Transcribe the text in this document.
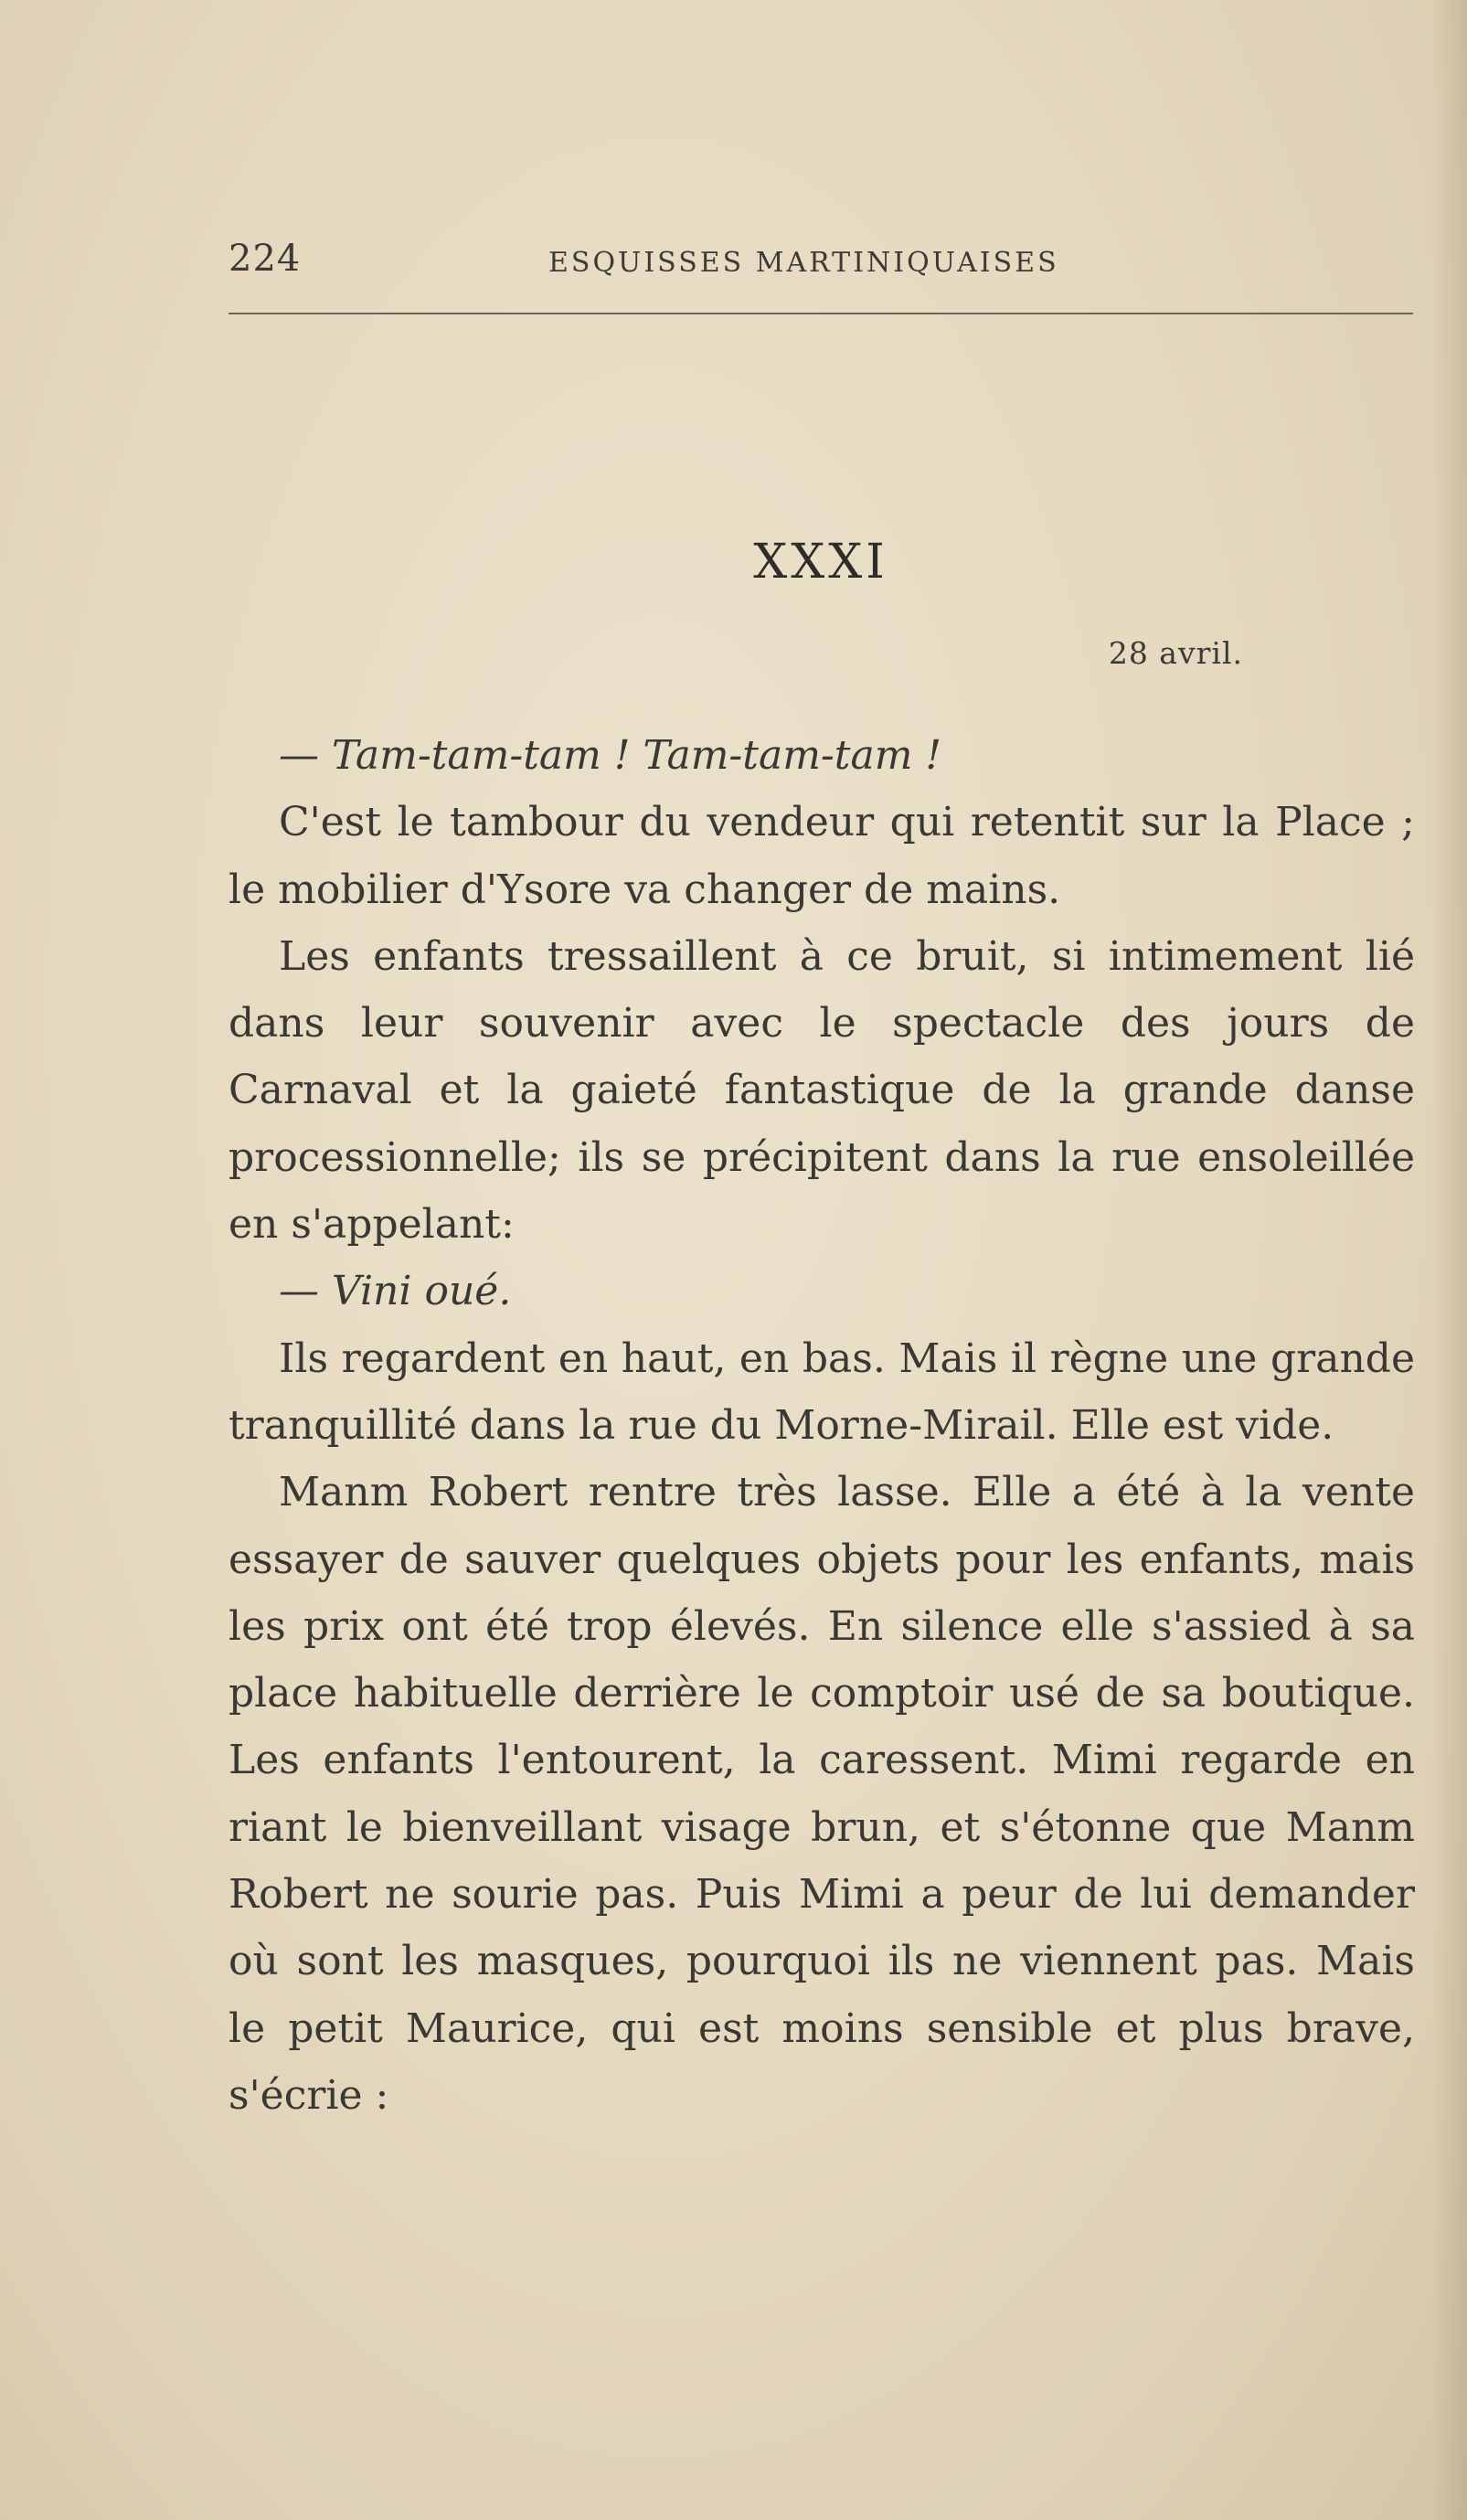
224	ESQUISSES MARTINIQUAISES
XXXI
28 avril.

— Tam-tam-tam ! Tam-tam-tam !

C'est le tambour du vendeur qui retentit sur la Place ; le mobilier d'Ysore va changer de mains.

Les enfants tressaillent à ce bruit, si intimement lié dans leur souvenir avec le spectacle des jours de Carnaval et la gaieté fantastique de la grande danse processionnelle; ils se précipitent dans la rue ensoleillée en s'appelant:

— Vini oué.

Ils regardent en haut, en bas. Mais il règne une grande tranquillité dans la rue du Morne-Mirail. Elle est vide.

Manm Robert rentre très lasse. Elle a été à la vente essayer de sauver quelques objets pour les enfants, mais les prix ont été trop élevés. En silence elle s'assied à sa place habituelle derrière le comptoir usé de sa boutique. Les enfants l'entourent, la caressent. Mimi regarde en riant le bienveillant visage brun, et s'étonne que Manm Robert ne sourie pas. Puis Mimi a peur de lui demander où sont les masques, pourquoi ils ne viennent pas. Mais le petit Maurice, qui est moins sensible et plus brave, s'écrie :
